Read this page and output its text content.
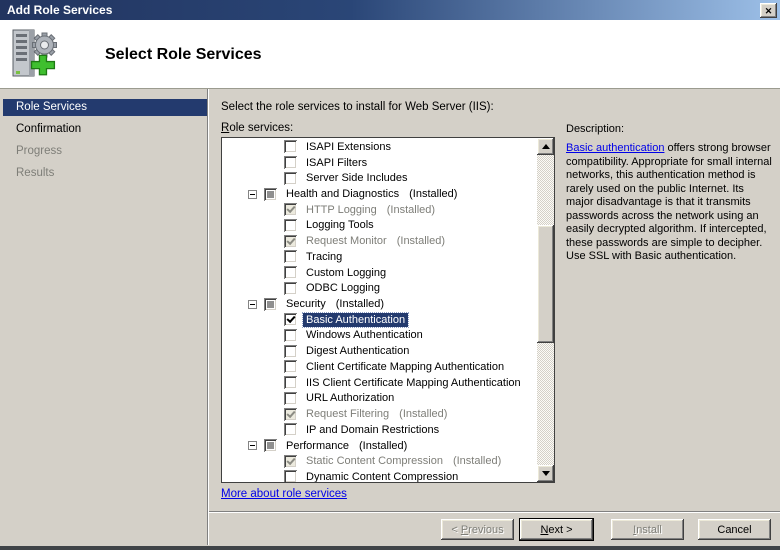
Add Role Services	✕
Select Role Services
Role Services
Confirmation
Progress
Results
Select the role services to install for Web Server (IIS):
Role services:
ISAPI Extensions
ISAPI Filters
Server Side Includes
Health and Diagnostics (Installed)
HTTP Logging (Installed)
Logging Tools
Request Monitor (Installed)
Tracing
Custom Logging
ODBC Logging
Security (Installed)
Basic Authentication
Windows Authentication
Digest Authentication
Client Certificate Mapping Authentication
IIS Client Certificate Mapping Authentication
URL Authorization
Request Filtering (Installed)
IP and Domain Restrictions
Performance (Installed)
Static Content Compression (Installed)
Dynamic Content Compression
More about role services
Description:
Basic authentication offers strong browser compatibility. Appropriate for small internal networks, this authentication method is rarely used on the public Internet. Its major disadvantage is that it transmits passwords across the network using an easily decrypted algorithm. If intercepted, these passwords are simple to decipher. Use SSL with Basic authentication.
< Previous	Next >	Install	Cancel
